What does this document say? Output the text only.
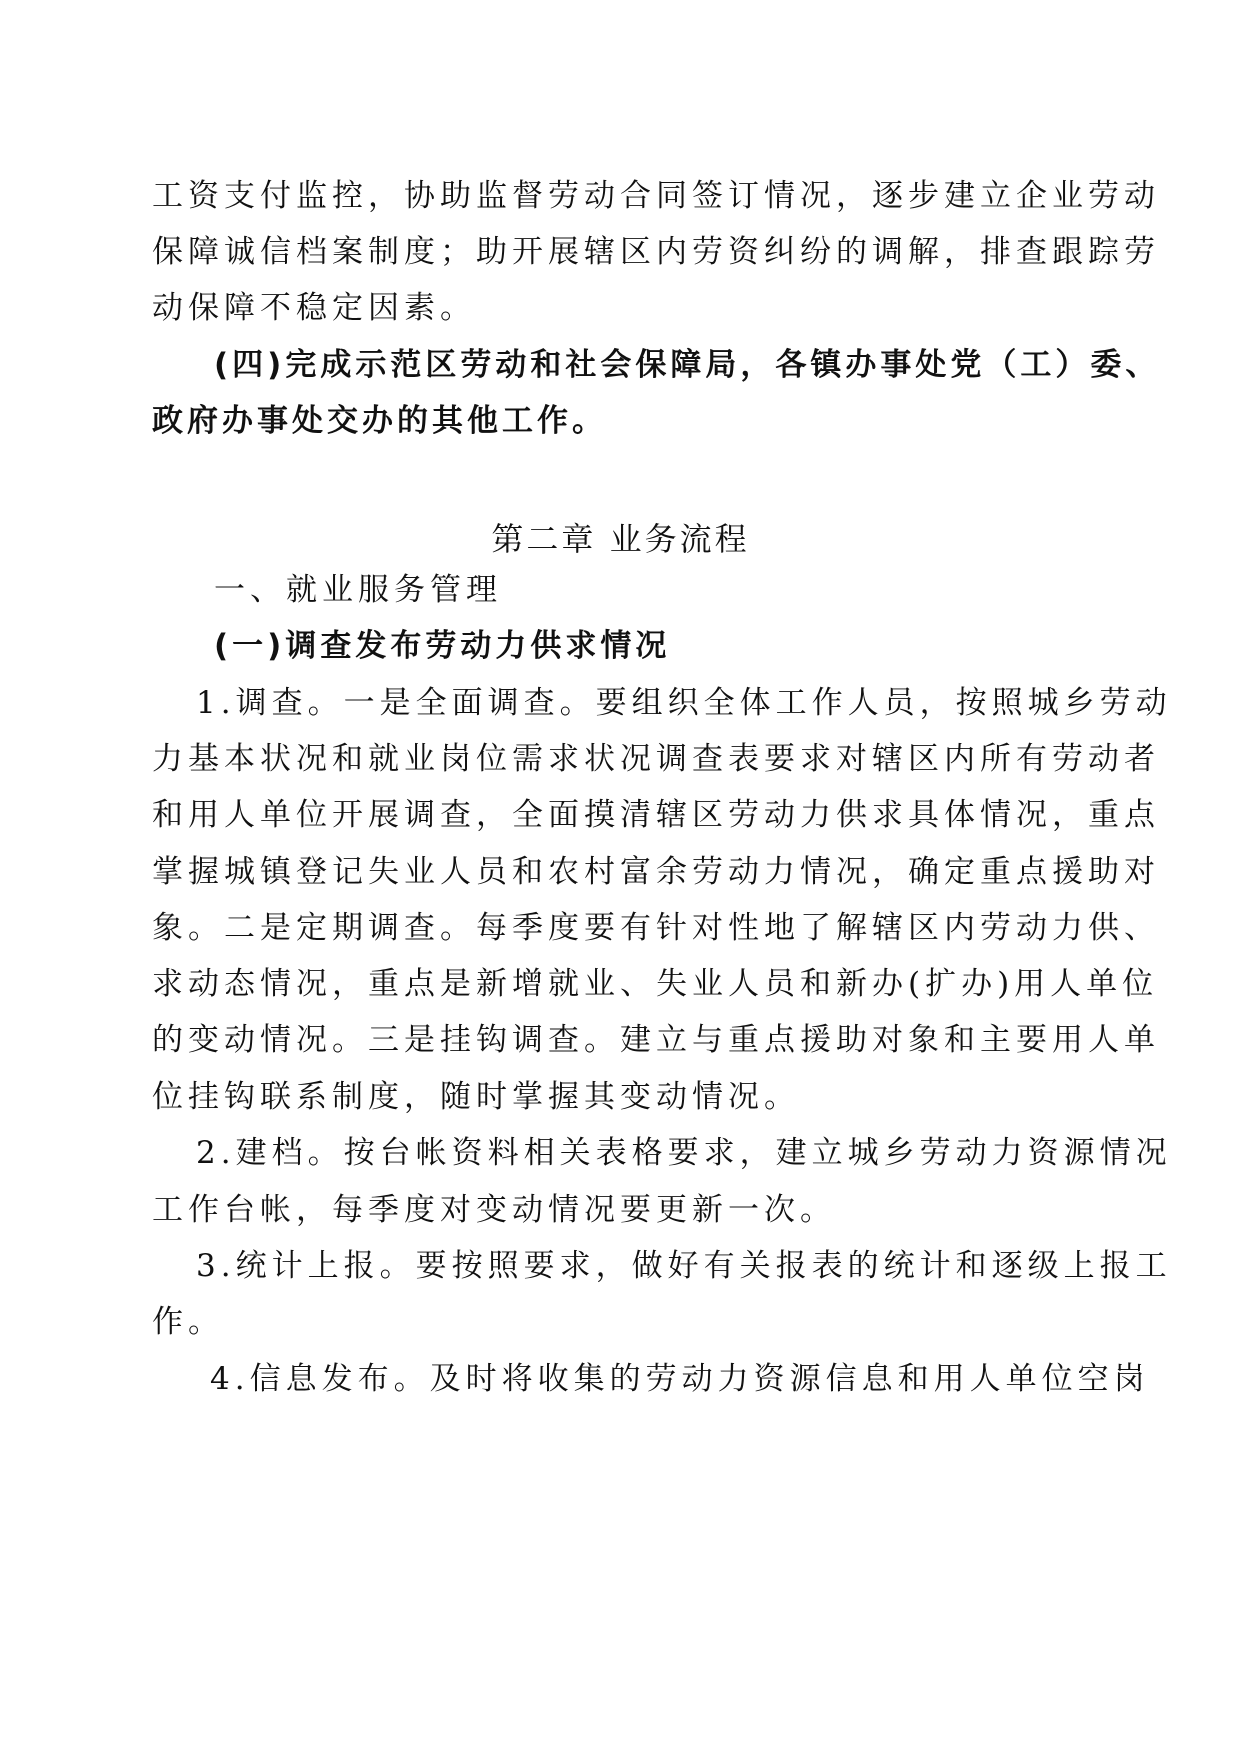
工资支付监控，协助监督劳动合同签订情况，逐步建立企业劳动
保障诚信档案制度；助开展辖区内劳资纠纷的调解，排查跟踪劳
动保障不稳定因素。
(四)完成示范区劳动和社会保障局，各镇办事处党（工）委、
政府办事处交办的其他工作。
第二章 业务流程
一、就业服务管理
(一)调查发布劳动力供求情况
1.调查。一是全面调查。要组织全体工作人员，按照城乡劳动
力基本状况和就业岗位需求状况调查表要求对辖区内所有劳动者
和用人单位开展调查，全面摸清辖区劳动力供求具体情况，重点
掌握城镇登记失业人员和农村富余劳动力情况，确定重点援助对
象。二是定期调查。每季度要有针对性地了解辖区内劳动力供、
求动态情况，重点是新增就业、失业人员和新办(扩办)用人单位
的变动情况。三是挂钩调查。建立与重点援助对象和主要用人单
位挂钩联系制度，随时掌握其变动情况。
2.建档。按台帐资料相关表格要求，建立城乡劳动力资源情况
工作台帐，每季度对变动情况要更新一次。
3.统计上报。要按照要求，做好有关报表的统计和逐级上报工
作。
4.信息发布。及时将收集的劳动力资源信息和用人单位空岗
